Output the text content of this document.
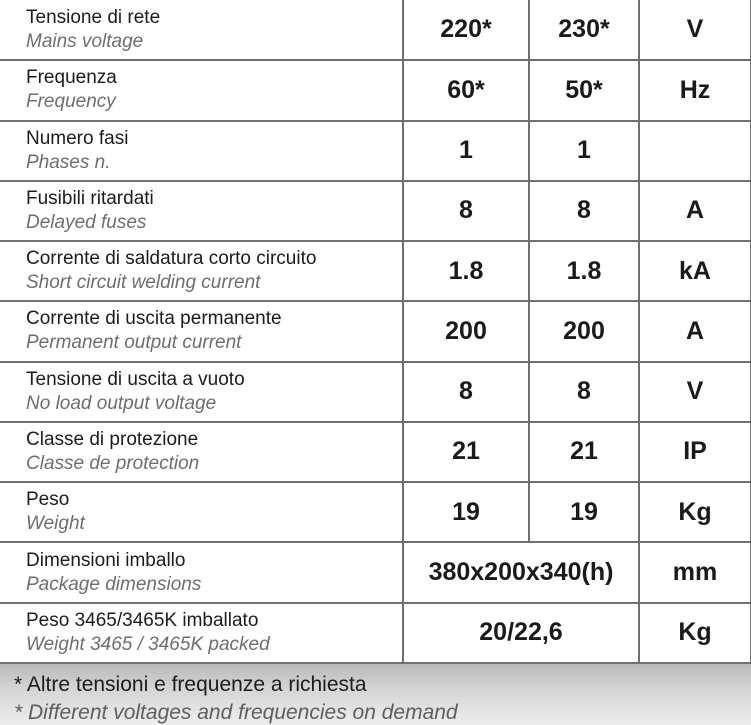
Tensione di rete
Mains voltage	220*	230*	V

Frequenza
Frequency	60*	50*	Hz

Numero fasi
Phases n.	1	1	

Fusibili ritardati
Delayed fuses	8	8	A

Corrente di saldatura corto circuito
Short circuit welding current	1.8	1.8	kA

Corrente di uscita permanente
Permanent output current	200	200	A

Tensione di uscita a vuoto
No load output voltage	8	8	V

Classe di protezione
Classe de protection	21	21	IP

Peso
Weight	19	19	Kg

Dimensioni imballo
Package dimensions	380x200x340(h)		mm

Peso 3465/3465K imballato
Weight 3465 / 3465K packed	20/22,6		Kg
* Altre tensioni e frequenze a richiesta
* Different voltages and frequencies on demand
